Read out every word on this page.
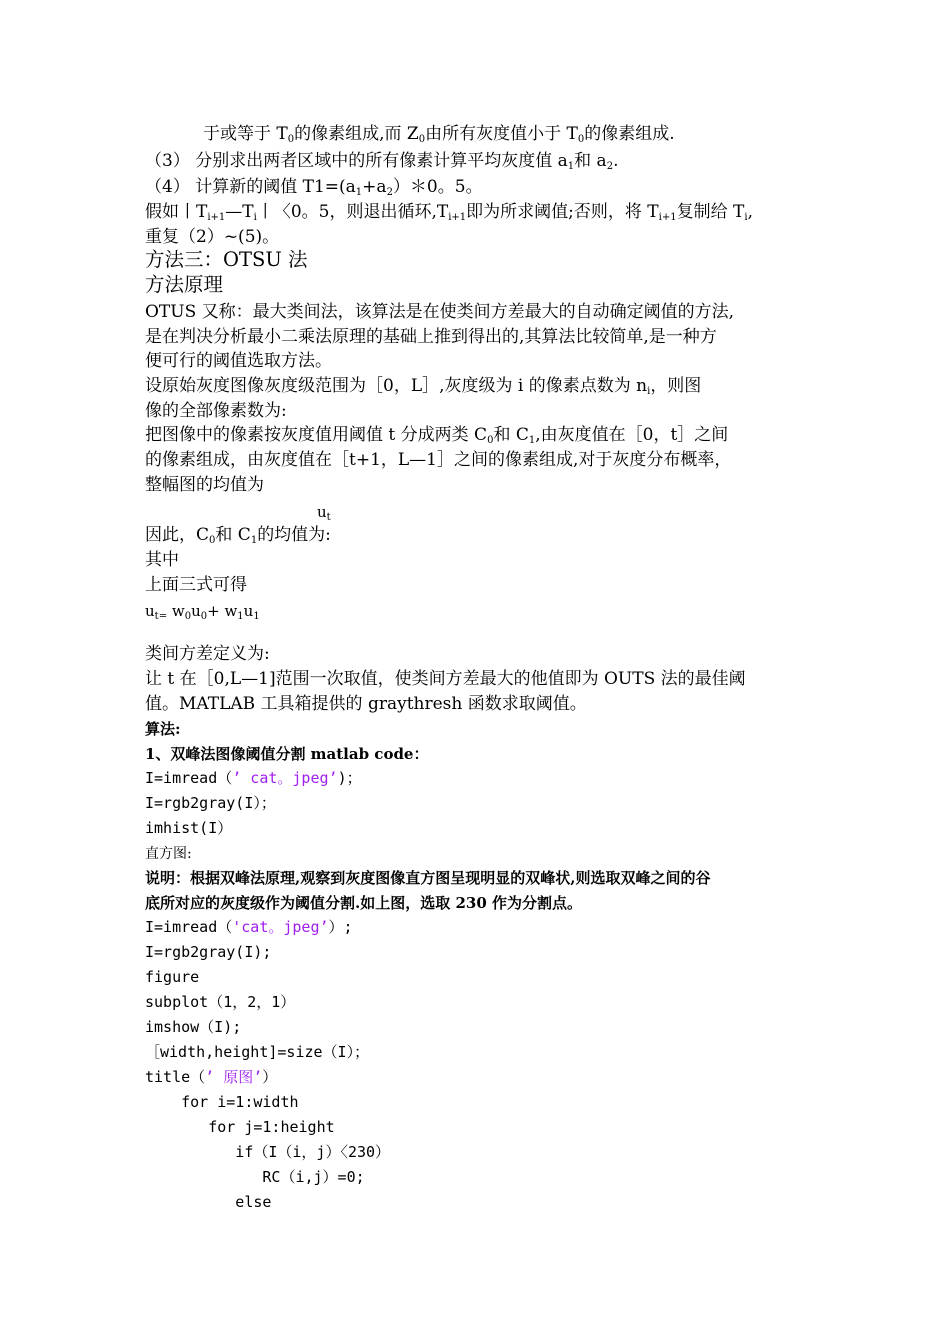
于或等于 $T_0$的像素组成,而 $Z_0$由所有灰度值小于 $T_0$的像素组成.
（3） 分别求出两者区域中的所有像素计算平均灰度值 $a_1$和 $a_2$.
（4） 计算新的阈值 $T1=(a_1+a_2)*0$。5。
假如丨$T_{i+1}—T_i$丨〈0。5，则退出循环$,T_{i+1}$即为所求阈值;否则，将 $T_{i+1}$复制给 $T_i$,
重复（2）~(5)。
方法三：OTSU 法
方法原理
OTUS 又称：最大类间法，该算法是在使类间方差最大的自动确定阈值的方法,
是在判决分析最小二乘法原理的基础上推到得出的,其算法比较简单,是一种方
便可行的阈值选取方法。
设原始灰度图像灰度级范围为［0，L］,灰度级为 i 的像素点数为 $n_i$，则图
像的全部像素数为:
把图像中的像素按灰度值用阈值 t 分成两类 $C_0$和 $C_1$,由灰度值在［0，t］之间
的像素组成，由灰度值在［t+1，L—1］之间的像素组成,对于灰度分布概率，
整幅图的均值为
$u_t$
因此，$C_0$和 $C_1$的均值为:
其中
上面三式可得
$u_{t=}$ $w_0u_0+ w_1u_1$
类间方差定义为:
让 t 在［0,L—1]范围一次取值，使类间方差最大的他值即为 OUTS 法的最佳阈
值。MATLAB 工具箱提供的 graythresh 函数求取阈值。
算法:
1、双峰法图像阈值分割 matlab code：
I=imread（’ cat。jpeg’)；
I=rgb2gray(I）；
imhist(I）
直方图:
说明：根据双峰法原理,观察到灰度图像直方图呈现明显的双峰状,则选取双峰之间的谷
底所对应的灰度级作为阈值分割.如上图，选取 230 作为分割点。
I=imread（'cat。jpeg’）;
I=rgb2gray(I);
figure
subplot（1，2，1）
imshow（I);
［width,height]=size（I）；
title（’ 原图’）
for i=1:width
for j=1:height
if（I（i，j）〈230）
RC（i,j）=0;
else
